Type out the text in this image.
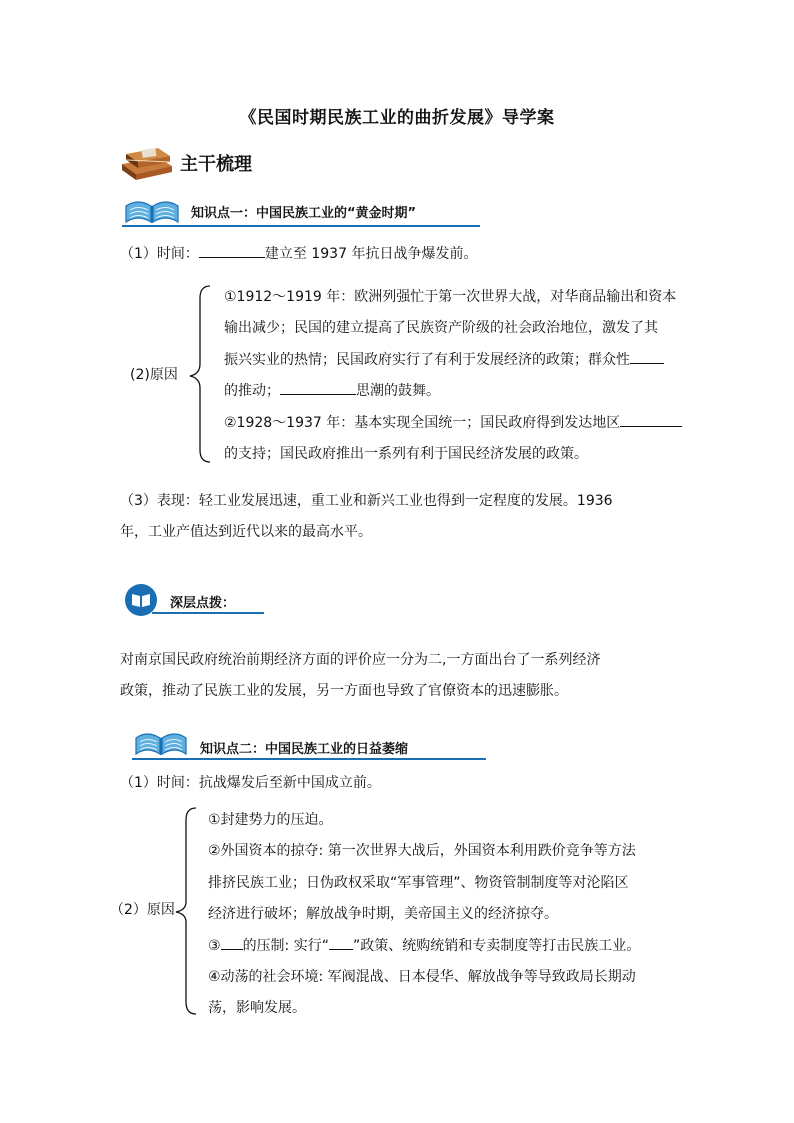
《民国时期民族工业的曲折发展》导学案
主干梳理
知识点一：中国民族工业的“黄金时期”
（1）时间：	建立至 1937 年抗日战争爆发前。
(2)原因
①1912～1919 年：欧洲列强忙于第一次世界大战，对华商品输出和资本
输出减少；民国的建立提高了民族资产阶级的社会政治地位，激发了其
振兴实业的热情；民国政府实行了有利于发展经济的政策；群众性
的推动；	思潮的鼓舞。
②1928～1937 年：基本实现全国统一；国民政府得到发达地区
的支持；国民政府推出一系列有利于国民经济发展的政策。
（3）表现：轻工业发展迅速，重工业和新兴工业也得到一定程度的发展。1936
年，工业产值达到近代以来的最高水平。
深层点拨：
对南京国民政府统治前期经济方面的评价应一分为二,一方面出台了一系列经济
政策，推动了民族工业的发展，另一方面也导致了官僚资本的迅速膨胀。
知识点二：中国民族工业的日益萎缩
（1）时间：抗战爆发后至新中国成立前。
（2）原因
①封建势力的压迫。
②外国资本的掠夺: 第一次世界大战后，外国资本利用跌价竞争等方法
排挤民族工业；日伪政权采取“军事管理”、物资管制制度等对沦陷区
经济进行破坏；解放战争时期，美帝国主义的经济掠夺。
③ 的压制: 实行“ ”政策、统购统销和专卖制度等打击民族工业。
④动荡的社会环境: 军阀混战、日本侵华、解放战争等导致政局长期动
荡，影响发展。
